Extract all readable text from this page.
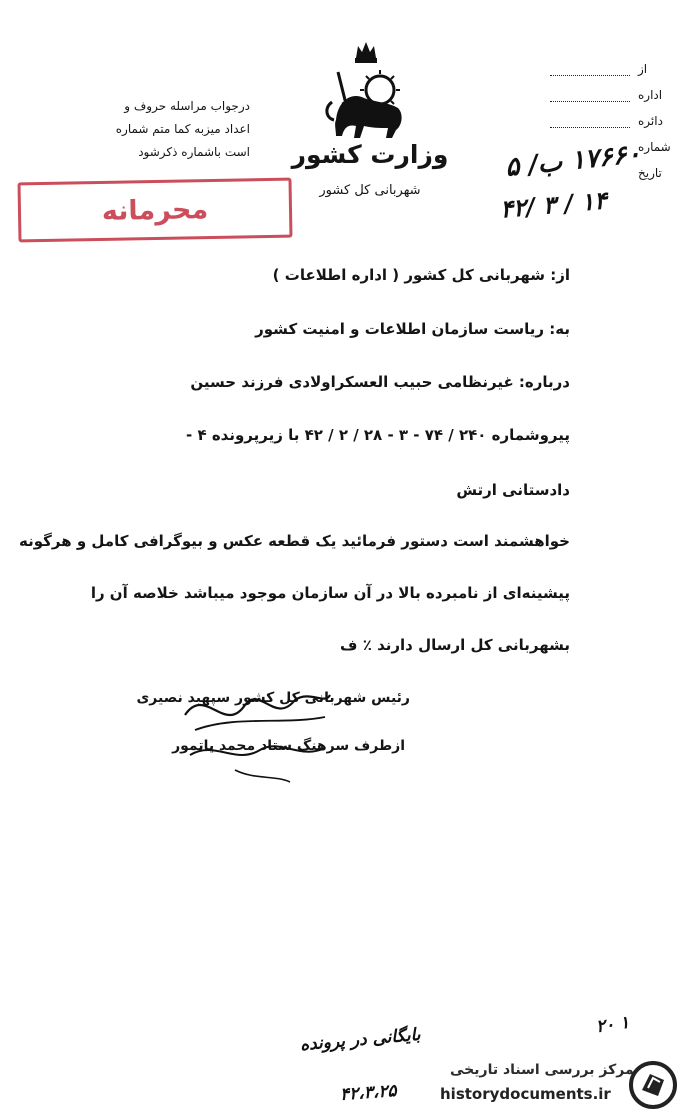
وزارت کشور
شهربانی کل کشور
درجواب مراسله حروف و
اعداد میزبه کما متم شماره
است باشماره ذکرشود
از
اداره
دائره
شماره
تاریخ
۱۷۶۶۰ ب/ ۵
۴۲/ ۳ / ۱۴
محرمانه
از: شهربانی کل کشور ( اداره اطلاعات )
به: ریاست سازمان اطلاعات و امنیت کشور
درباره: غیرنظامی حبیب العسکراولادی فرزند حسین
پیروشماره ۲۴۰ / ۷۴ - ۳ - ۲۸ / ۲ / ۴۲ با زیرپرونده ۴ -
دادستانی ارتش
خواهشمند است دستور فرمائید یک قطعه عکس و بیوگرافی کامل و هرگونه
پیشینه‌ای از نامبرده بالا در آن سازمان موجود میباشد خلاصه آن را
بشهربانی کل ارسال دارند ٪ ف
رئیس شهربانی کل کشور سپهبد نصیری
ازطرف سرهنگ ستاد محمد یاتمور
۲۰ ۱
بایگانی در پرونده
۴۲،۳،۲۵
مرکز بررسی اسناد تاریخی
historydocuments.ir
